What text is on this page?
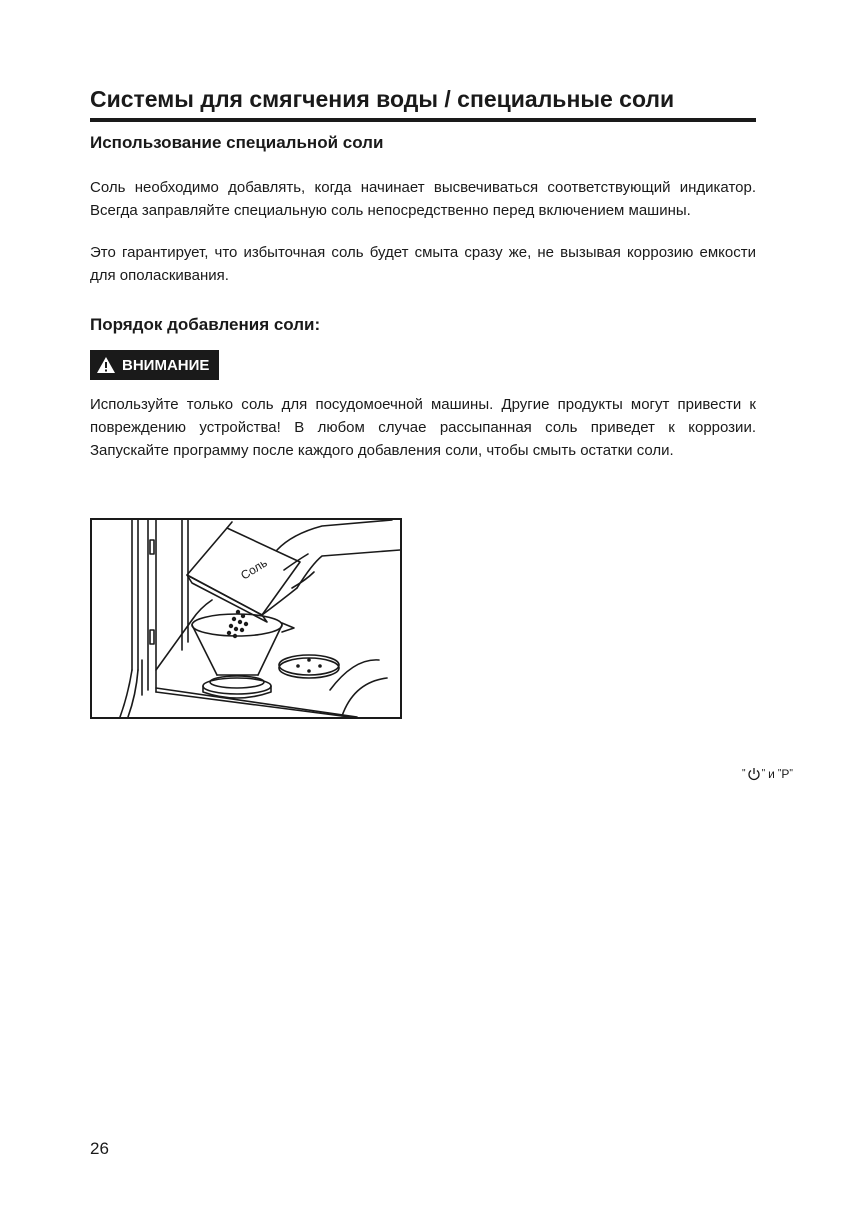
Системы для смягчения воды / специальные соли
Использование специальной соли

Соль необходимо добавлять, когда начинает высвечиваться соответствующий индикатор. Всегда заправляйте специальную соль непосредственно перед включением машины.

Это гарантирует, что избыточная соль будет смыта сразу же, не вызывая коррозию емкости для ополаскивания.

Порядок добавления соли:
ВНИМАНИЕ

Используйте только соль для посудомоечной машины. Другие продукты могут привести к повреждению устройства! В любом случае рассыпанная соль приведет к коррозии. Запускайте программу после каждого добавления соли, чтобы смыть остатки соли.

Соль
" " и " P "
26
